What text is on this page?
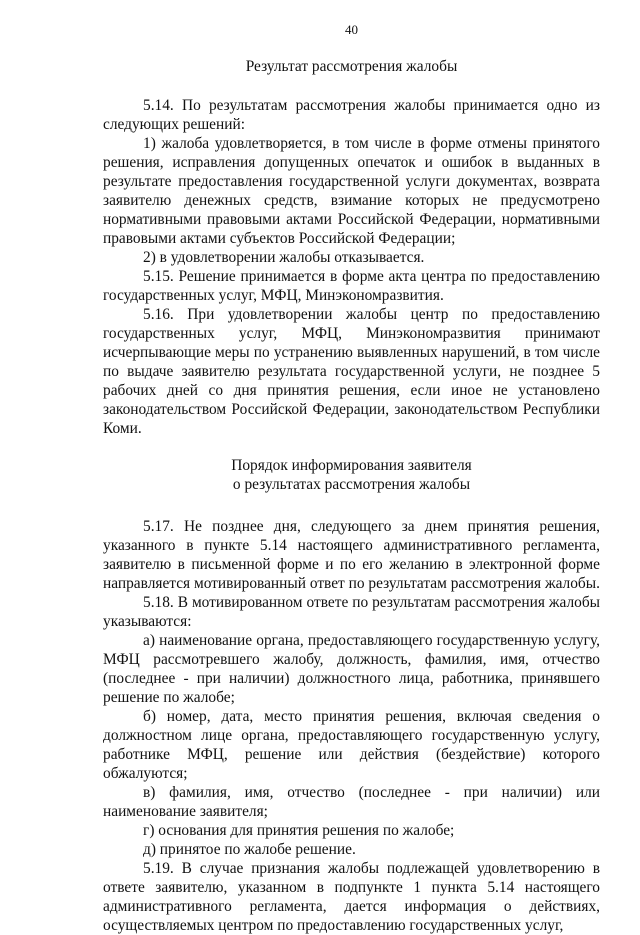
40
Результат рассмотрения жалобы

5.14. По результатам рассмотрения жалобы принимается одно из следующих решений:

1) жалоба удовлетворяется, в том числе в форме отмены принятого решения, исправления допущенных опечаток и ошибок в выданных в результате предоставления государственной услуги документах, возврата заявителю денежных средств, взимание которых не предусмотрено нормативными правовыми актами Российской Федерации, нормативными правовыми актами субъектов Российской Федерации;

2) в удовлетворении жалобы отказывается.

5.15. Решение принимается в форме акта центра по предоставлению государственных услуг, МФЦ, Минэкономразвития.

5.16. При удовлетворении жалобы центр по предоставлению государственных услуг, МФЦ, Минэкономразвития принимают исчерпывающие меры по устранению выявленных нарушений, в том числе по выдаче заявителю результата государственной услуги, не позднее 5 рабочих дней со дня принятия решения, если иное не установлено законодательством Российской Федерации, законодательством Республики Коми.

Порядок информирования заявителя
о результатах рассмотрения жалобы

5.17. Не позднее дня, следующего за днем принятия решения, указанного в пункте 5.14 настоящего административного регламента, заявителю в письменной форме и по его желанию в электронной форме направляется мотивированный ответ по результатам рассмотрения жалобы.

5.18. В мотивированном ответе по результатам рассмотрения жалобы указываются:

а) наименование органа, предоставляющего государственную услугу, МФЦ рассмотревшего жалобу, должность, фамилия, имя, отчество (последнее - при наличии) должностного лица, работника, принявшего решение по жалобе;

б) номер, дата, место принятия решения, включая сведения о должностном лице органа, предоставляющего государственную услугу, работнике МФЦ, решение или действия (бездействие) которого обжалуются;

в) фамилия, имя, отчество (последнее - при наличии) или наименование заявителя;

г) основания для принятия решения по жалобе;

д) принятое по жалобе решение.

5.19. В случае признания жалобы подлежащей удовлетворению в ответе заявителю, указанном в подпункте 1 пункта 5.14 настоящего административного регламента, дается информация о действиях, осуществляемых центром по предоставлению государственных услуг,
